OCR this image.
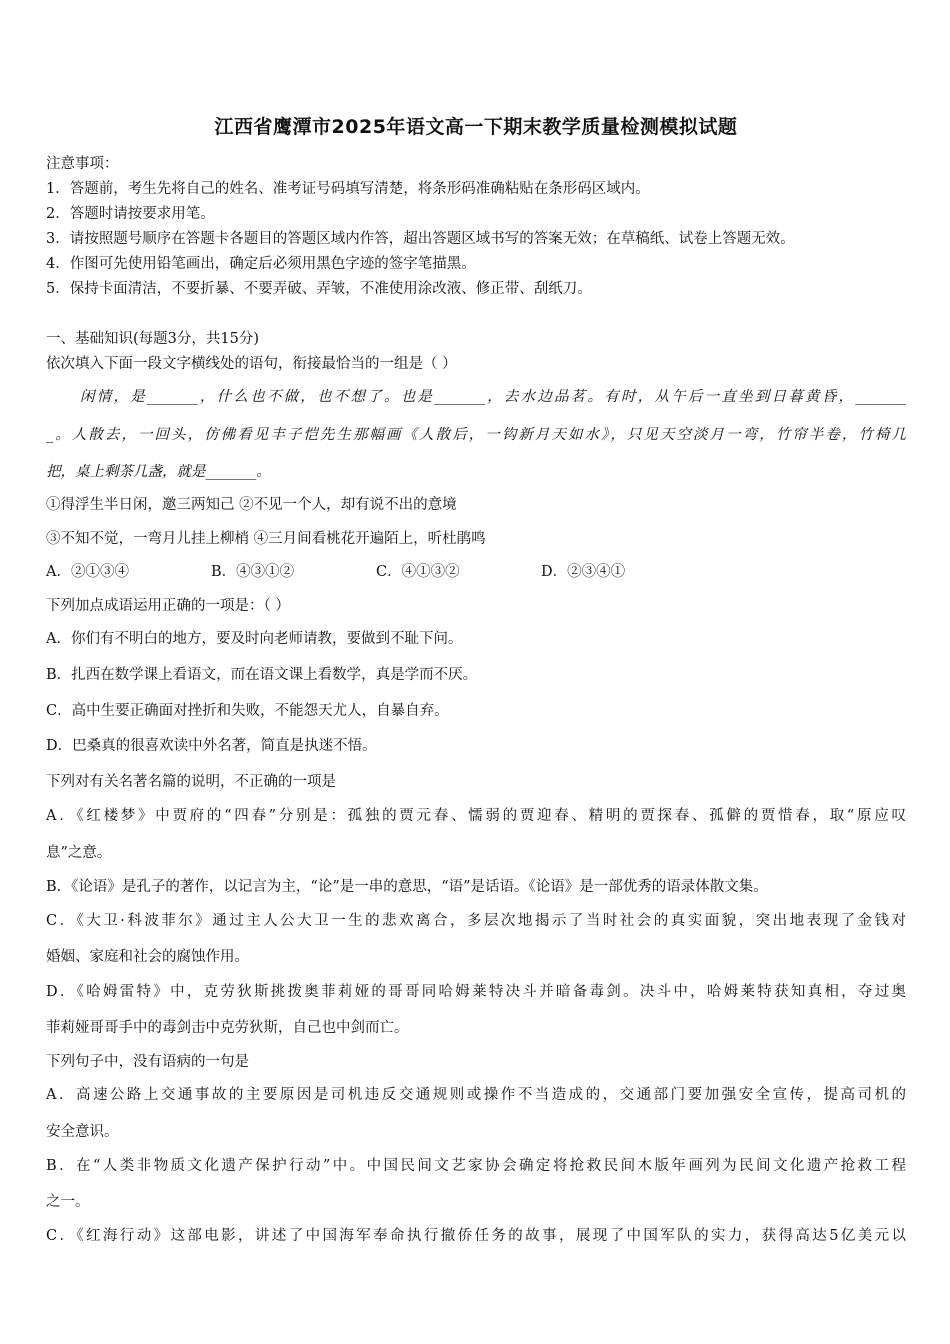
江西省鹰潭市2025年语文高一下期末教学质量检测模拟试题
注意事项：
1．答题前，考生先将自己的姓名、准考证号码填写清楚，将条形码准确粘贴在条形码区域内。
2．答题时请按要求用笔。
3．请按照题号顺序在答题卡各题目的答题区域内作答，超出答题区域书写的答案无效；在草稿纸、试卷上答题无效。
4．作图可先使用铅笔画出，确定后必须用黑色字迹的签字笔描黑。
5．保持卡面清洁，不要折暴、不要弄破、弄皱，不准使用涂改液、修正带、刮纸刀。
一、基础知识(每题3分，共15分)
依次填入下面一段文字横线处的语句，衔接最恰当的一组是（ ）
闲情，是_______，什么也不做，也不想了。也是_______，去水边品茗。有时，从午后一直坐到日暮黄昏，_______
_。人散去，一回头，仿佛看见丰子恺先生那幅画《人散后，一钩新月天如水》，只见天空淡月一弯，竹帘半卷，竹椅几
把，桌上剩茶几盏，就是_______。
①得浮生半日闲，邀三两知己 ②不见一个人，却有说不出的意境
③不知不觉，一弯月儿挂上柳梢 ④三月间看桃花开遍陌上，听杜鹃鸣
A．②①③④	B．④③①②	C．④①③②	D．②③④①
下列加点成语运用正确的一项是：（ ）
A．你们有不明白的地方，要及时向老师请教，要做到不耻下问。
B．扎西在数学课上看语文，而在语文课上看数学，真是学而不厌。
C．高中生要正确面对挫折和失败，不能怨天尤人，自暴自弃。
D．巴桑真的很喜欢读中外名著，简直是执迷不悟。
下列对有关名著名篇的说明，不正确的一项是
A．《红楼梦》中贾府的“四春”分别是：孤独的贾元春、懦弱的贾迎春、精明的贾探春、孤僻的贾惜春，取“原应叹
息”之意。
B．《论语》是孔子的著作，以记言为主，“论”是一串的意思，“语”是话语。《论语》是一部优秀的语录体散文集。
C．《大卫·科波菲尔》通过主人公大卫一生的悲欢离合，多层次地揭示了当时社会的真实面貌，突出地表现了金钱对
婚姻、家庭和社会的腐蚀作用。
D．《哈姆雷特》中，克劳狄斯挑拨奥菲莉娅的哥哥同哈姆莱特决斗并暗备毒剑。决斗中，哈姆莱特获知真相，夺过奥
菲莉娅哥哥手中的毒剑击中克劳狄斯，自己也中剑而亡。
下列句子中，没有语病的一句是
A．高速公路上交通事故的主要原因是司机违反交通规则或操作不当造成的，交通部门要加强安全宣传，提高司机的
安全意识。
B．在“人类非物质文化遗产保护行动”中。中国民间文艺家协会确定将抢救民间木版年画列为民间文化遗产抢救工程
之一。
C．《红海行动》这部电影，讲述了中国海军奉命执行撤侨任务的故事，展现了中国军队的实力，获得高达5亿美元以
